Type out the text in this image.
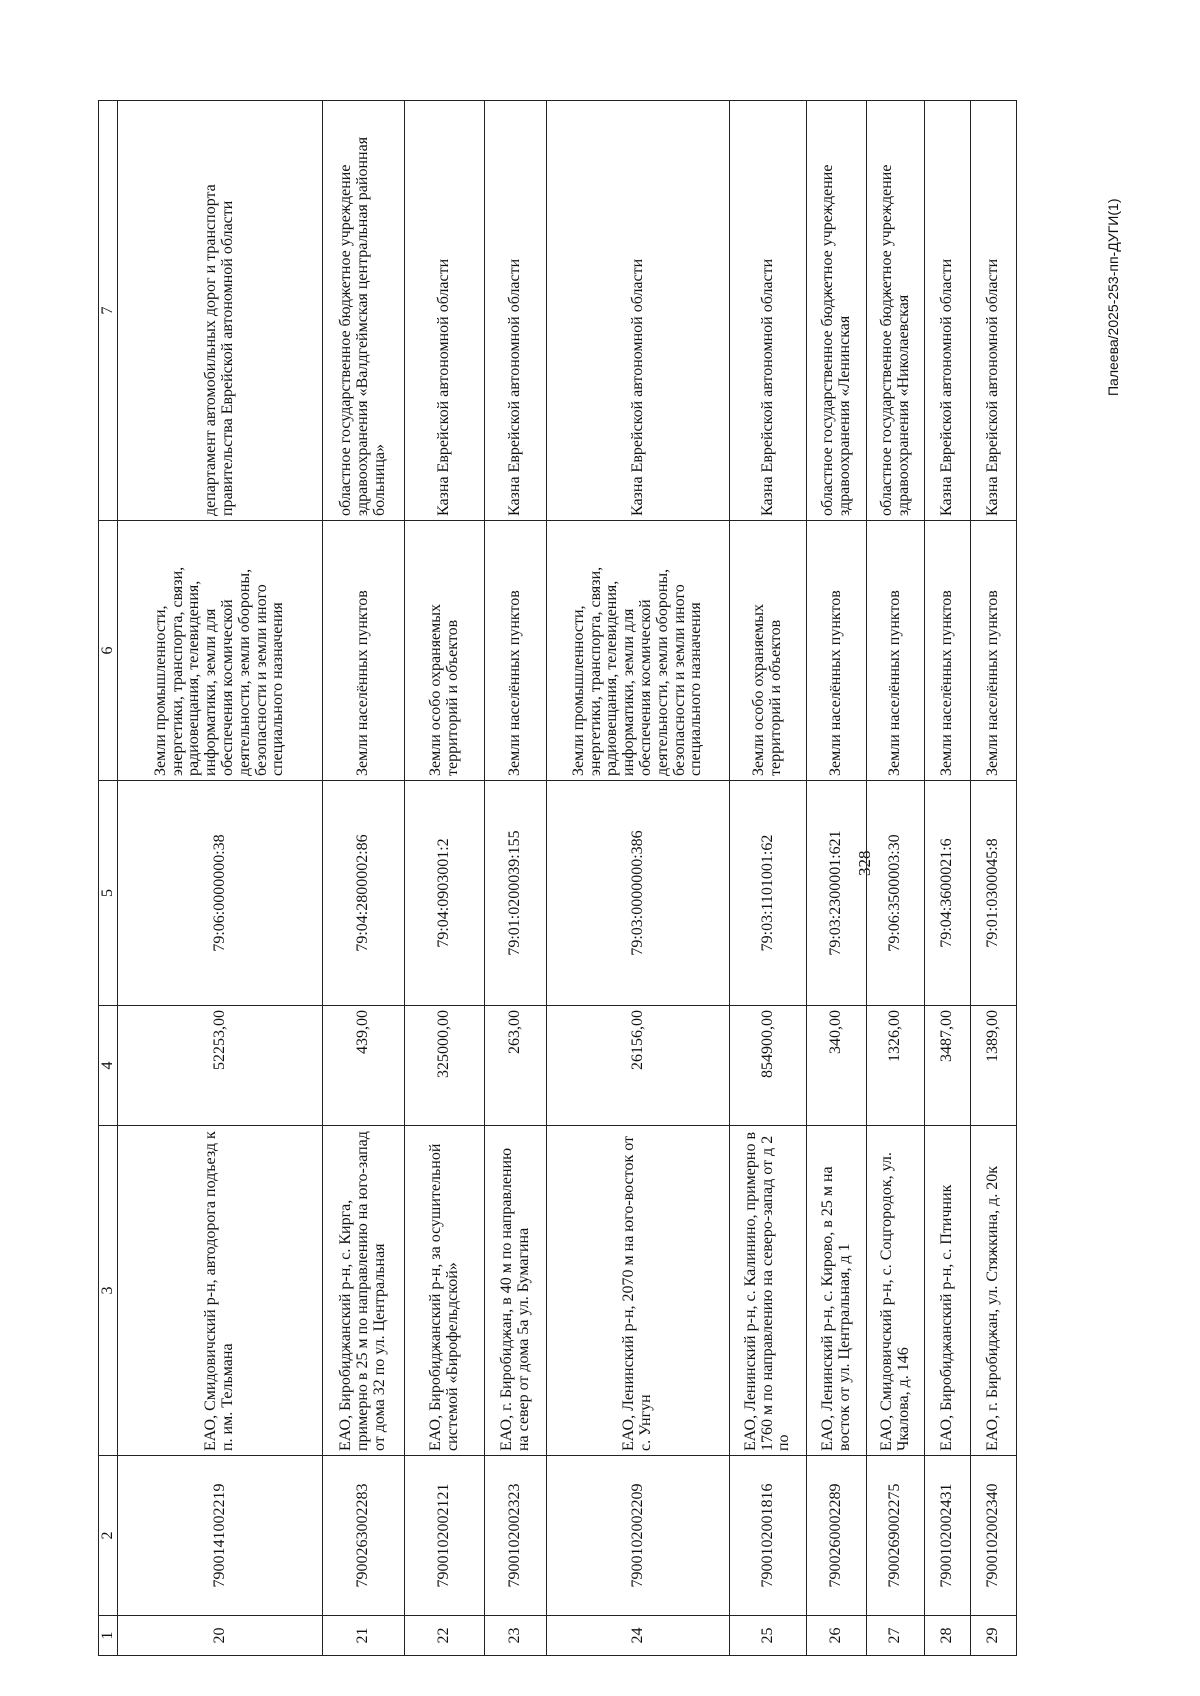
328
1	2	3	4	5	6	7
20	7900141002219	ЕАО, Смидовичский р-н, автодорога подъезд к п. им. Тельмана	52253,00	79:06:0000000:38	Земли промышленности, энергетики, транспорта, связи, радиовещания, телевидения, информатики, земли для обеспечения космической деятельности, земли обороны, безопасности и земли иного специального назначения	департамент автомобильных дорог и транспорта правительства Еврейской автономной области
21	7900263002283	ЕАО, Биробиджанский р-н, с. Кирга, примерно в 25 м по направлению на юго-запад от дома 32 по ул. Центральная	439,00	79:04:2800002:86	Земли населённых пунктов	областное государственное бюджетное учреждение здравоохранения «Валдгеймская центральная районная больница»
22	7900102002121	ЕАО, Биробиджанский р-н, за осушительной системой «Бирофельдской»	325000,00	79:04:0903001:2	Земли особо охраняемых территорий и объектов	Казна Еврейской автономной области
23	7900102002323	ЕАО, г. Биробиджан, в 40 м по направлению на север от дома 5а ул. Бумагина	263,00	79:01:0200039:155	Земли населённых пунктов	Казна Еврейской автономной области
24	7900102002209	ЕАО, Ленинский р-н, 2070 м на юго-восток от с. Унгун	26156,00	79:03:0000000:386	Земли промышленности, энергетики, транспорта, связи, радиовещания, телевидения, информатики, земли для обеспечения космической деятельности, земли обороны, безопасности и земли иного специального назначения	Казна Еврейской автономной области
25	7900102001816	ЕАО, Ленинский р-н, с. Калинино, примерно в 1760 м по направлению на северо-запад от д 2 по	854900,00	79:03:1101001:62	Земли особо охраняемых территорий и объектов	Казна Еврейской автономной области
26	7900260002289	ЕАО, Ленинский р-н, с. Кирово, в 25 м на восток от ул. Центральная, д 1	340,00	79:03:2300001:621	Земли населённых пунктов	областное государственное бюджетное учреждение здравоохранения «Ленинская
27	7900269002275	ЕАО, Смидовичский р-н, с. Соцгородок, ул. Чкалова, д. 146	1326,00	79:06:3500003:30	Земли населённых пунктов	областное государственное бюджетное учреждение здравоохранения «Николаевская
28	7900102002431	ЕАО, Биробиджанский р-н, с. Птичник	3487,00	79:04:3600021:6	Земли населённых пунктов	Казна Еврейской автономной области
29	7900102002340	ЕАО, г. Биробиджан, ул. Стяжкина, д. 20к	1389,00	79:01:0300045:8	Земли населённых пунктов	Казна Еврейской автономной области	Палеева/2025-253-пп-ДУГИ(1)
